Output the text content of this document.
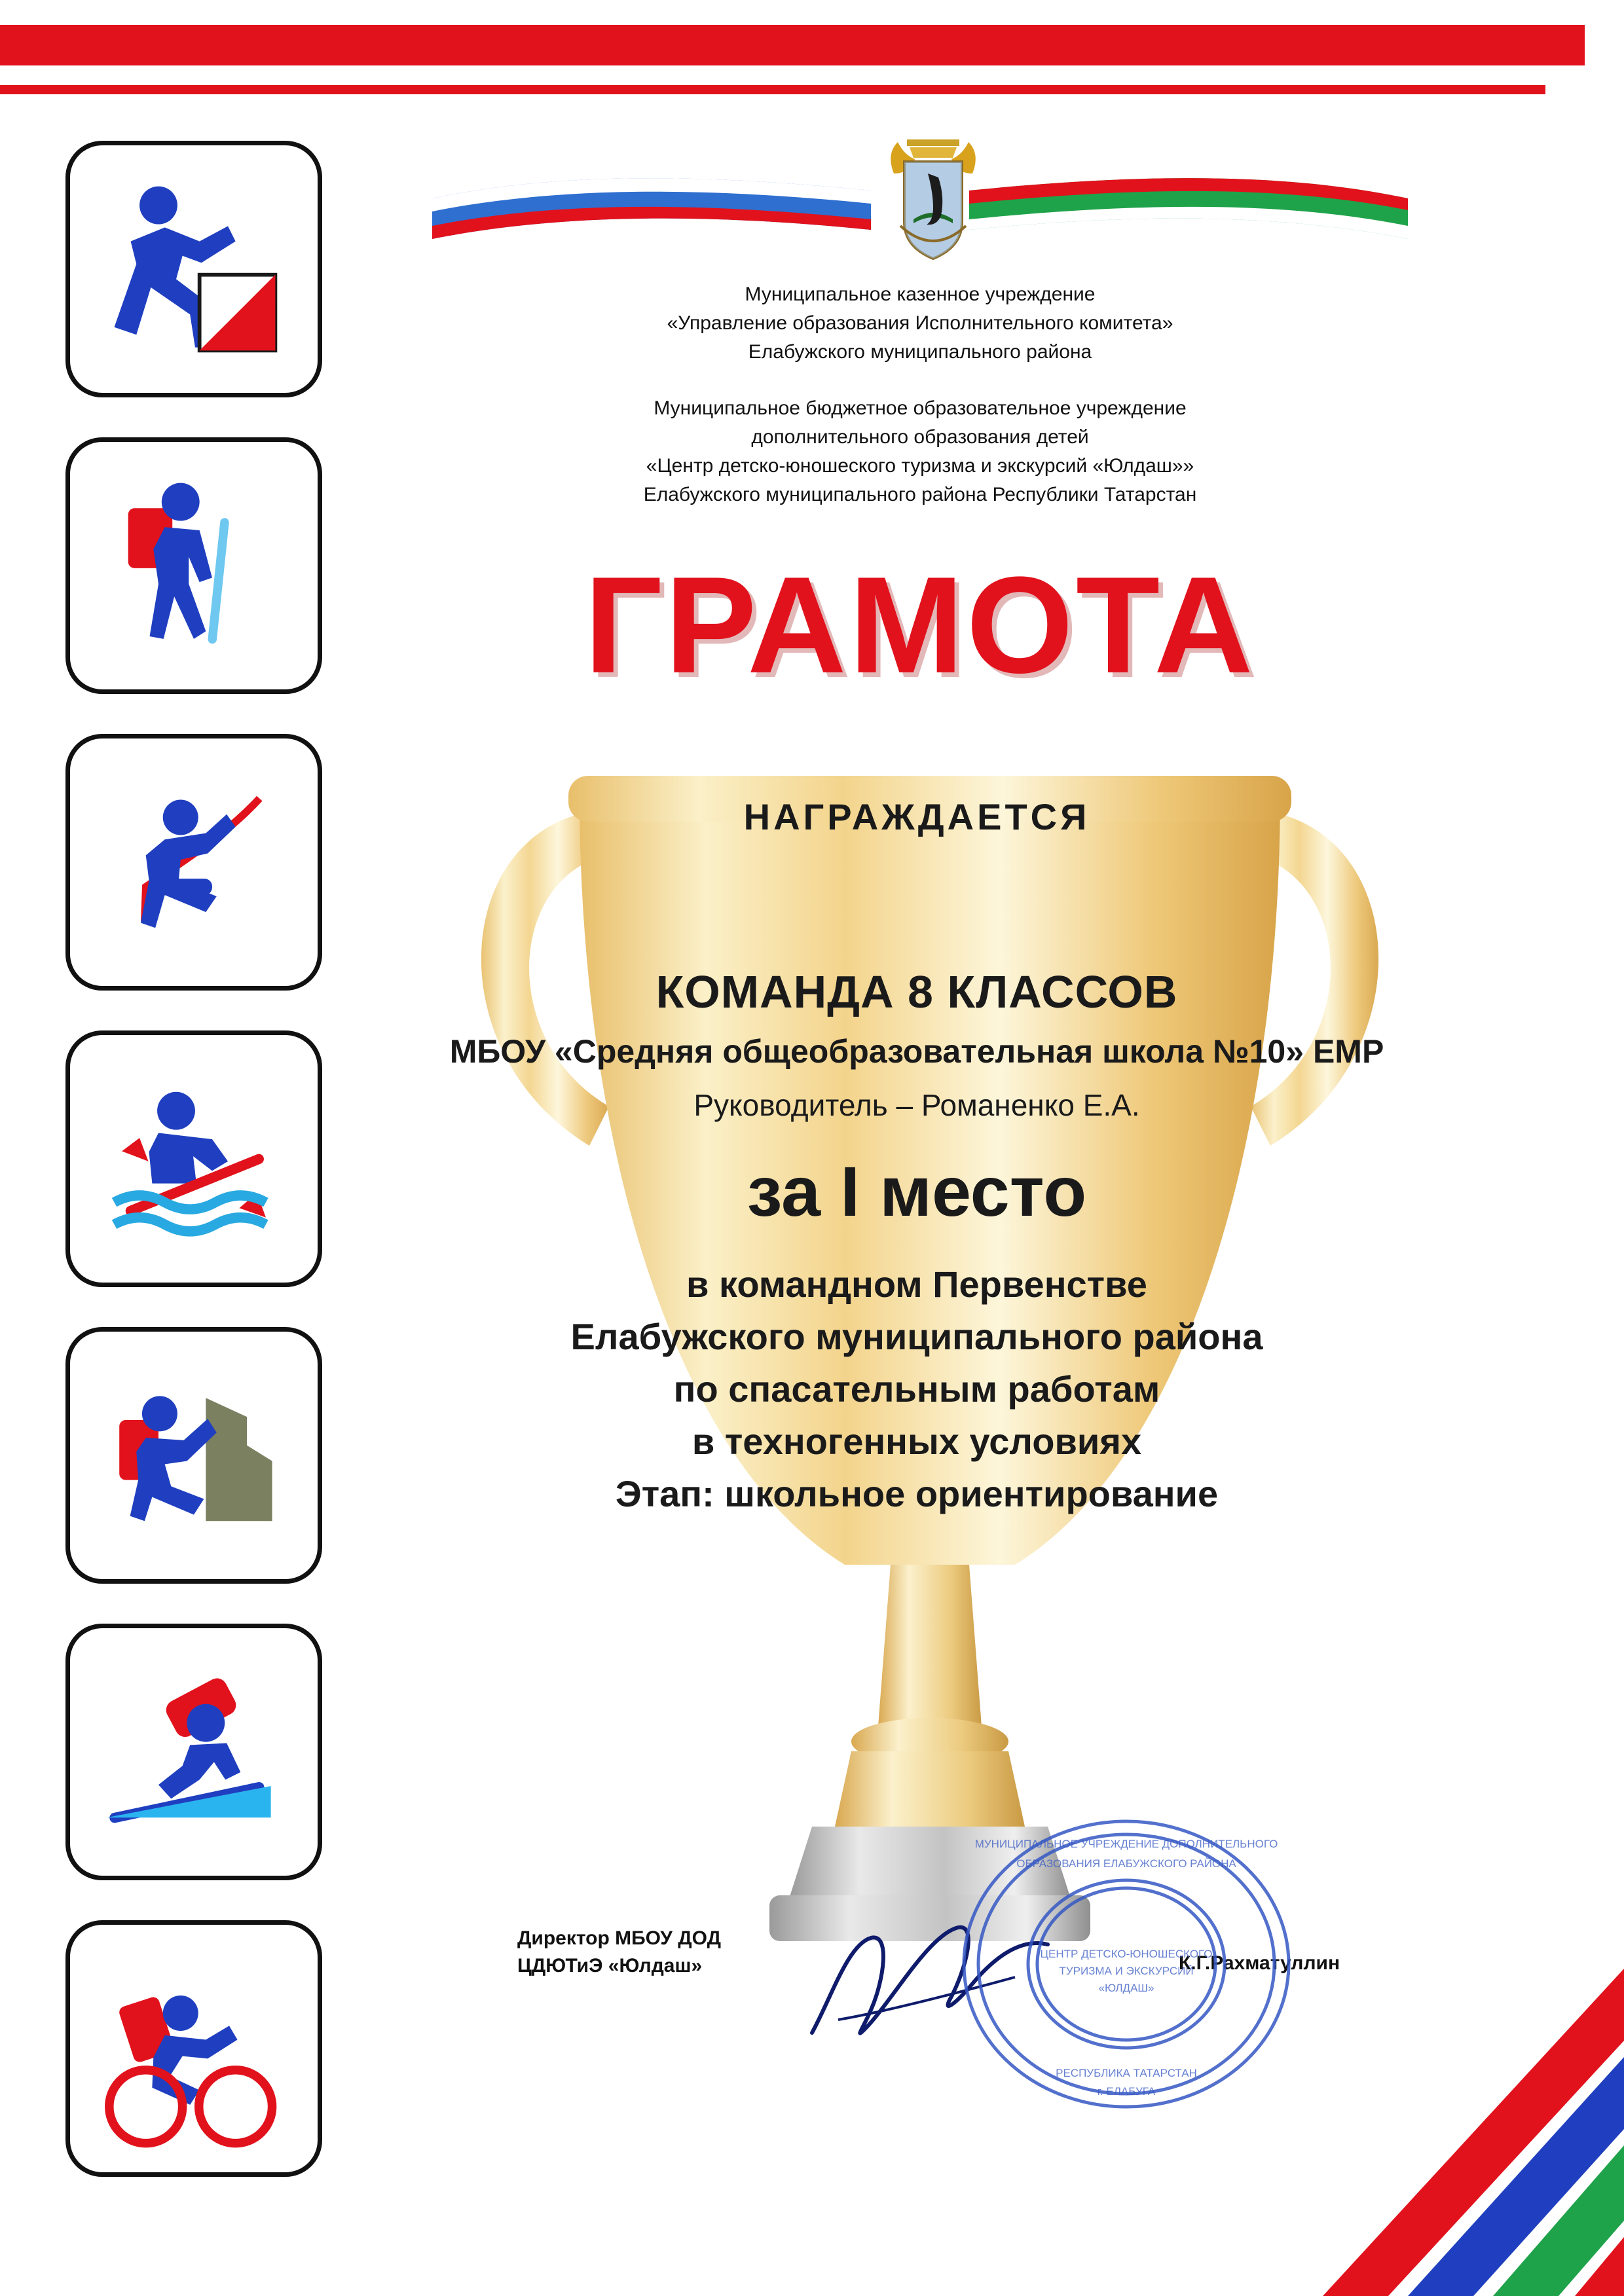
Муниципальное казенное учреждение
«Управление образования Исполнительного комитета»
Елабужского муниципального района
Муниципальное бюджетное образовательное учреждение
дополнительного образования детей
«Центр детско-юношеского туризма и экскурсий «Юлдаш»»
Елабужского муниципального района Республики Татарстан
ГРАМОТА
НАГРАЖДАЕТСЯ
КОМАНДА 8 КЛАССОВ
МБОУ «Средняя общеобразовательная школа №10» ЕМР
Руководитель – Романенко Е.А.
за I место
в командном Первенстве
Елабужского муниципального района
по спасательным работам
в техногенных условиях
Этап: школьное ориентирование
Директор МБОУ ДОД
ЦДЮТиЭ «Юлдаш»	К.Г.Рахматуллин
МУНИЦИПАЛЬНОЕ УЧРЕЖДЕНИЕ ДОПОЛНИТЕЛЬНОГО
ОБРАЗОВАНИЯ ЕЛАБУЖСКОГО РАЙОНА
ЦЕНТР ДЕТСКО-ЮНОШЕСКОГО
ТУРИЗМА И ЭКСКУРСИЙ
«ЮЛДАШ»
РЕСПУБЛИКА ТАТАРСТАН
г. ЕЛАБУГА
